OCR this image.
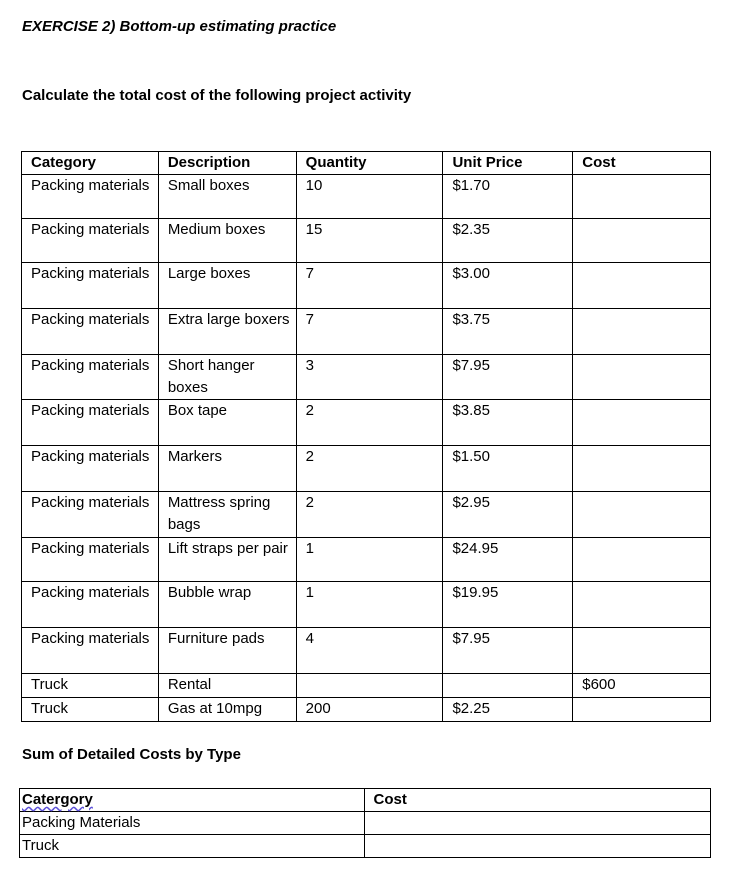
EXERCISE 2) Bottom-up estimating practice
Calculate the total cost of the following project activity
Category	Description	Quantity	Unit Price	Cost
Packing materials	Small boxes	10	$1.70	
Packing materials	Medium boxes	15	$2.35	
Packing materials	Large boxes	7	$3.00	
Packing materials	Extra large boxers	7	$3.75	
Packing materials	Short hanger boxes	3	$7.95	
Packing materials	Box tape	2	$3.85	
Packing materials	Markers	2	$1.50	
Packing materials	Mattress spring bags	2	$2.95	
Packing materials	Lift straps per pair	1	$24.95	
Packing materials	Bubble wrap	1	$19.95	
Packing materials	Furniture pads	4	$7.95	
Truck	Rental			$600
Truck	Gas at 10mpg	200	$2.25	
Sum of Detailed Costs by Type
Catergory	Cost
Packing Materials	
Truck	
